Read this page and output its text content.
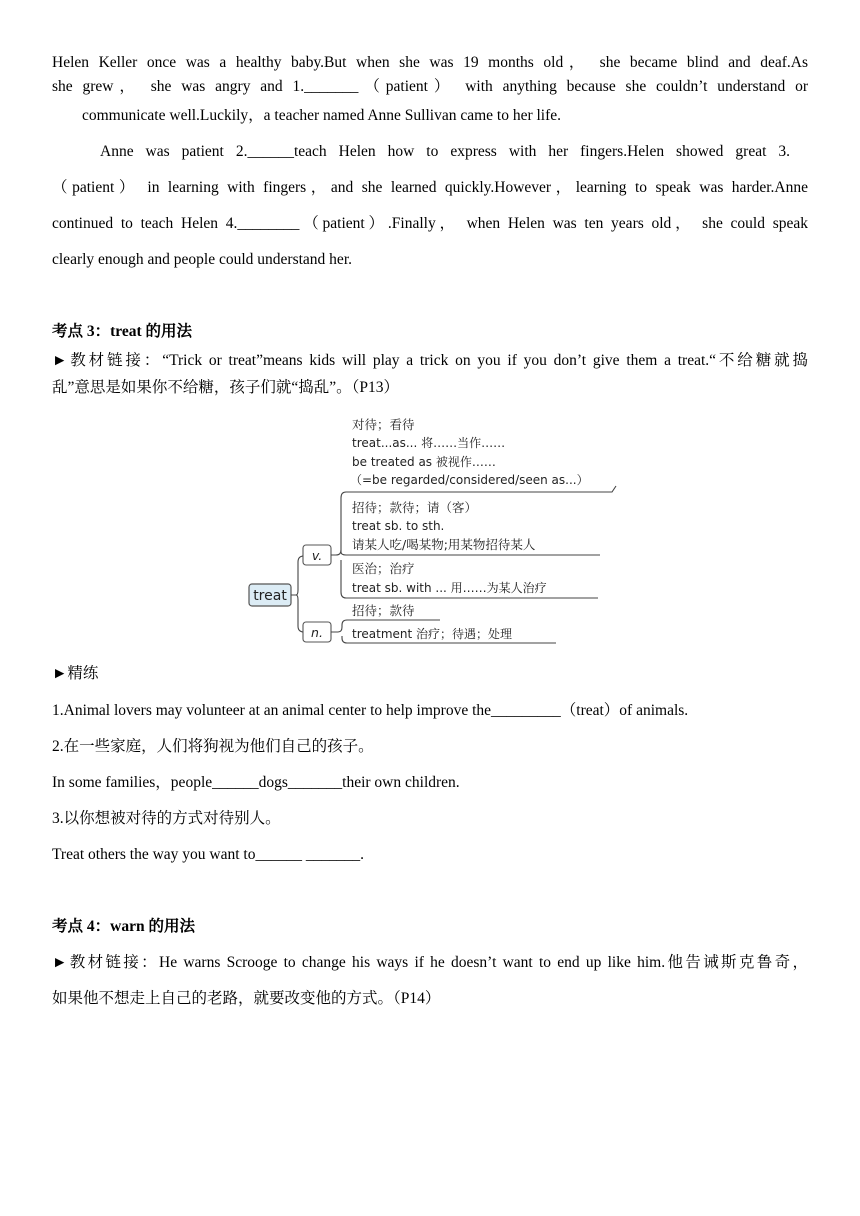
Helen Keller once was a healthy baby.But when she was 19 months old， she became blind and deaf.As
she grew， she was angry and 1._______（patient） with anything because she couldn’t understand or
communicate well.Luckily，a teacher named Anne Sullivan came to her life.
Anne was patient 2.______teach Helen how to express with her fingers.Helen showed great 3.
（patient） in learning with fingers，and she learned quickly.However，learning to speak was harder.Anne
continued to teach Helen 4.________（patient）.Finally， when Helen was ten years old， she could speak
clearly enough and people could understand her.
考点 3：treat 的用法
►教材链接：“Trick or treat”means kids will play a trick on you if you don’t give them a treat.“不给糖就捣
乱”意思是如果你不给糖，孩子们就“捣乱”。（P13）
treat
v.
n.
对待；看待
treat...as... 将……当作……
be treated as 被视作……
（=be regarded/considered/seen as...）
招待；款待；请（客）
treat sb. to sth.
请某人吃/喝某物;用某物招待某人
医治；治疗
treat sb. with ... 用……为某人治疗
招待；款待
treatment 治疗；待遇；处理
►精练
1.Animal lovers may volunteer at an animal center to help improve the_________（treat）of animals.
2.在一些家庭，人们将狗视为他们自己的孩子。
In some families，people______dogs_______their own children.
3.以你想被对待的方式对待别人。
Treat others the way you want to______ _______.
考点 4：warn 的用法
►教材链接：He warns Scrooge to change his ways if he doesn’t want to end up like him.他告诫斯克鲁奇，
如果他不想走上自己的老路，就要改变他的方式。（P14）
